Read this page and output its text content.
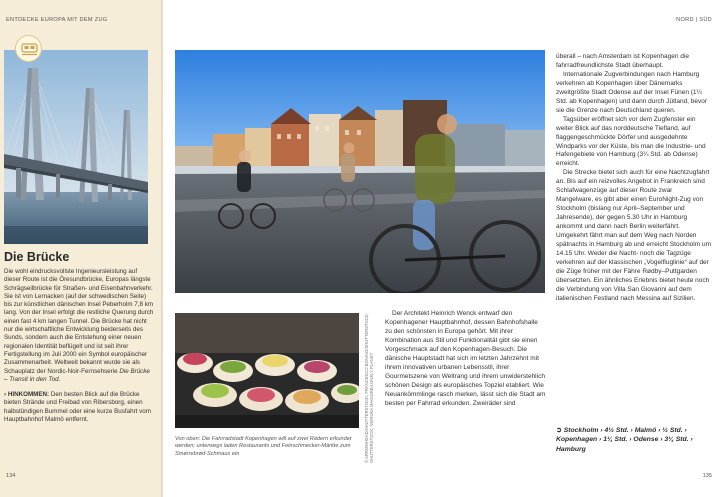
ENTDECKE EUROPA MIT DEM ZUG	NORD | SÜD
Die Brücke

Die wohl eindrucksvollste Ingenieursleistung auf dieser Route ist die Öresundbrücke, Europas längste Schrägseilbrücke für Straßen- und Eisenbahnverkehr. Sie ist von Lernacken (auf der schwedischen Seite) bis zur künstlichen dänischen Insel Peberholm 7,8 km lang. Von der Insel erfolgt die restliche Querung durch einen fast 4 km langen Tunnel. Die Brücke hat nicht nur die wirtschaftliche Entwicklung beiderseits des Sunds, sondern auch die Entstehung einer neuen regionalen Identität beflügelt und ist seit ihrer Fertigstellung im Juli 2000 ein Symbol europäischer Zusammenarbeit. Weltweit bekannt wurde sie als Schauplatz der Nordic-Noir-Fernsehserie Die Brücke – Transit in den Tod.

› HINKOMMEN: Den besten Blick auf die Brücke bieten Strände und Freibad von Ribersborg, einen halbstündigen Bummel oder eine kurze Busfahrt vom Hauptbahnhof Malmö entfernt.

Von oben: Die Fahrradstadt Kopenhagen will auf zwei Rädern erkundet werden; unterwegs laden Restaurants und Feinschmecker-Märkte zum Smørrebrød-Schmaus ein	© ARROWHEAD/SHUTTERSTOCK; FRANCESCO BONINO/SHUTTERSTOCK; SHUTTERSTOCK; NKIRUKA MAGUIRE/LONELY PLANET
Der Architekt Heinrich Wenck entwarf den Kopenhagener Hauptbahnhof, dessen Bahnhofshalle zu den schönsten in Europa gehört. Mit ihrer Kombination aus Stil und Funktionalität gibt sie einen Vorgeschmack auf den Kopenhagen-Besuch. Die dänische Hauptstadt hat sich im letzten Jahrzehnt mit ihrem innovativen urbanen Lebensstil, ihrer Gourmetszene von Weltrang und ihrem unwiderstehlich schönen Design als europäisches Topziel etabliert. Wie Neuankömmlinge rasch merken, lässt sich die Stadt am besten per Fahrrad erkunden. Zweiräder sind

überall – nach Amsterdam ist Kopenhagen die fahrradfreundlichste Stadt überhaupt.

Internationale Zugverbindungen nach Hamburg verkehren ab Kopenhagen über Dänemarks zweitgrößte Stadt Odense auf der Insel Fünen (1¼ Std. ab Kopenhagen) und dann durch Jütland, bevor sie die Grenze nach Deutschland queren.

Tagsüber eröffnet sich vor dem Zugfenster ein weiter Blick auf das norddeutsche Tiefland, auf flaggengeschmückte Dörfer und ausgedehnte Windparks vor der Küste, bis man die Industrie- und Hafengebiete von Hamburg (3¼ Std. ab Odense) erreicht.

Die Strecke bietet sich auch für eine Nachtzugfahrt an. Bis auf ein reizvolles Angebot in Frankreich sind Schlafwagenzüge auf dieser Route zwar Mangelware, es gibt aber einen EuroNight-Zug von Stockholm (bislang nur April–September und Jahresende), der gegen 5.30 Uhr in Hamburg ankommt und dann nach Berlin weiterfährt. Umgekehrt fährt man auf dem Weg nach Norden spätnachts in Hamburg ab und erreicht Stockholm um 14.15 Uhr. Weder die Nacht- noch die Tagzüge verkehren auf der klassischen „Vogelfluglinie“ auf der die Züge früher mit der Fähre Rødby–Puttgarden übersetzten. Ein ähnliches Erlebnis bietet heute noch die Verbindung von Villa San Giovanni auf dem italienischen Festland nach Messina auf Sizilien.

➲ Stockholm › 4½ Std. › Malmö › ½ Std. › Kopenhagen › 1¼ Std. › Odense › 3¼ Std. › Hamburg
134	135
